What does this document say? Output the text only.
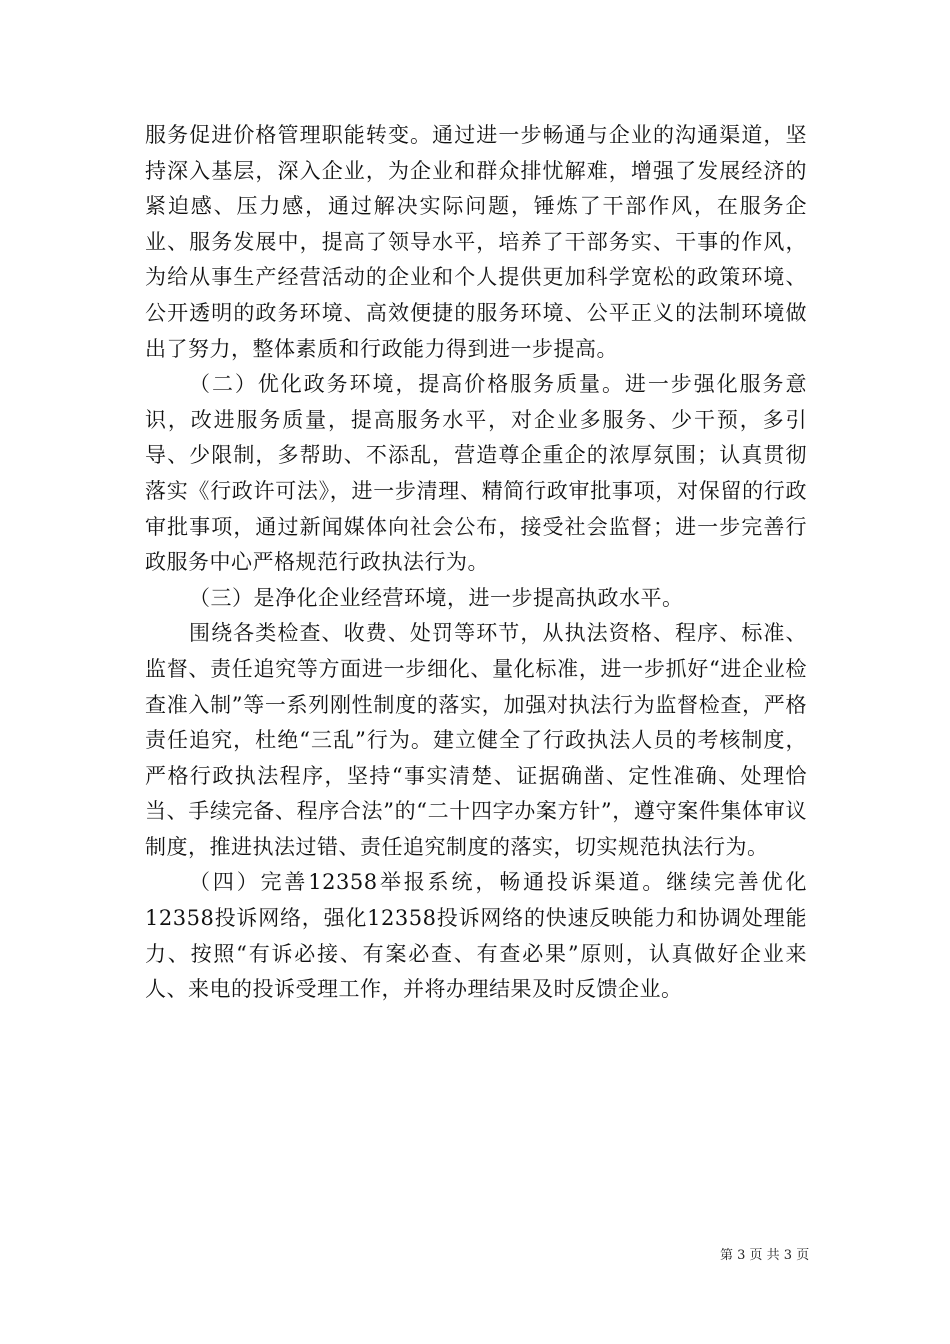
服务促进价格管理职能转变。通过进一步畅通与企业的沟通渠道，坚持深入基层，深入企业，为企业和群众排忧解难，增强了发展经济的紧迫感、压力感，通过解决实际问题，锤炼了干部作风，在服务企业、服务发展中，提高了领导水平，培养了干部务实、干事的作风，为给从事生产经营活动的企业和个人提供更加科学宽松的政策环境、公开透明的政务环境、高效便捷的服务环境、公平正义的法制环境做出了努力，整体素质和行政能力得到进一步提高。

（二）优化政务环境，提高价格服务质量。进一步强化服务意识，改进服务质量，提高服务水平，对企业多服务、少干预，多引导、少限制，多帮助、不添乱，营造尊企重企的浓厚氛围；认真贯彻落实《行政许可法》，进一步清理、精简行政审批事项，对保留的行政审批事项，通过新闻媒体向社会公布，接受社会监督；进一步完善行政服务中心严格规范行政执法行为。

（三）是净化企业经营环境，进一步提高执政水平。

围绕各类检查、收费、处罚等环节，从执法资格、程序、标准、监督、责任追究等方面进一步细化、量化标准，进一步抓好“进企业检查准入制”等一系列刚性制度的落实，加强对执法行为监督检查，严格责任追究，杜绝“三乱”行为。建立健全了行政执法人员的考核制度，严格行政执法程序，坚持“事实清楚、证据确凿、定性准确、处理恰当、手续完备、程序合法”的“二十四字办案方针”，遵守案件集体审议制度，推进执法过错、责任追究制度的落实，切实规范执法行为。

（四）完善12358举报系统，畅通投诉渠道。继续完善优化12358投诉网络，强化12358投诉网络的快速反映能力和协调处理能力、按照“有诉必接、有案必查、有查必果”原则，认真做好企业来人、来电的投诉受理工作，并将办理结果及时反馈企业。

第 3 页 共 3 页
